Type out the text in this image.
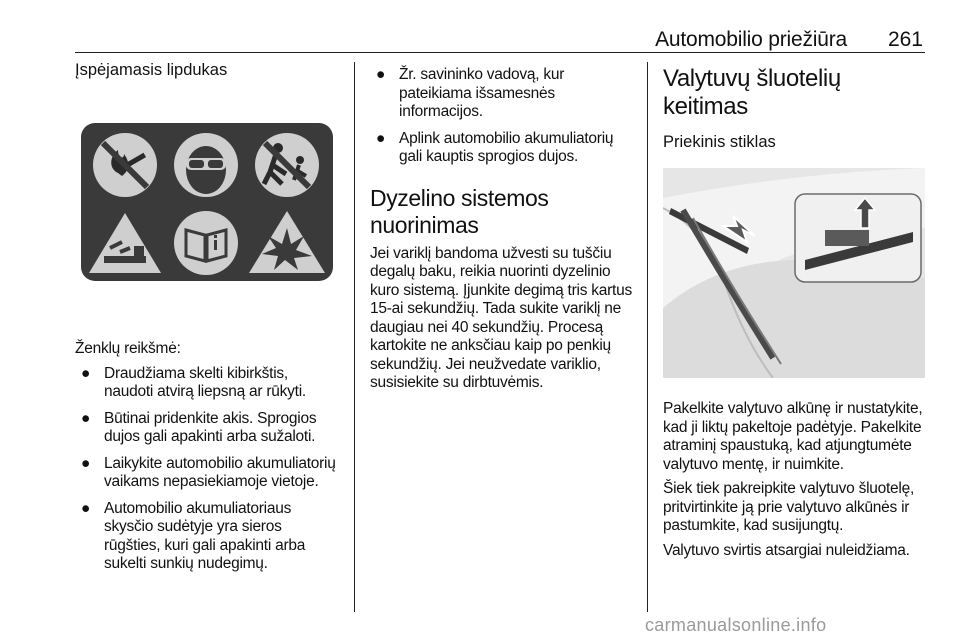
Automobilio priežiūra 261
Įspėjamasis lipdukas
Ženklų reikšmė:
● Draudžiama skelti kibirkštis, naudoti atvirą liepsną ar rūkyti.
● Būtinai pridenkite akis. Sprogios dujos gali apakinti arba sužaloti.
● Laikykite automobilio akumuliatorių vaikams nepasiekiamoje vietoje.
● Automobilio akumuliatoriaus skysčio sudėtyje yra sieros rūgšties, kuri gali apakinti arba sukelti sunkių nudegimų.
● Žr. savininko vadovą, kur pateikiama išsamesnės informacijos.
● Aplink automobilio akumuliatorių gali kauptis sprogios dujos.
Dyzelino sistemos nuorinimas
Jei variklį bandoma užvesti su tuščiu degalų baku, reikia nuorinti dyzelinio kuro sistemą. Įjunkite degimą tris kartus 15-ai sekundžių. Tada sukite variklį ne daugiau nei 40 sekundžių. Procesą kartokite ne anksčiau kaip po penkių sekundžių. Jei neužvedate variklio, susisiekite su dirbtuvėmis.
Valytuvų šluotelių keitimas
Priekinis stiklas
Pakelkite valytuvo alkūnę ir nustatykite, kad ji liktų pakeltoje padėtyje. Pakelkite atraminį spaustuką, kad atjungtumėte valytuvo mentę, ir nuimkite.
Šiek tiek pakreipkite valytuvo šluotelę, pritvirtinkite ją prie valytuvo alkūnės ir pastumkite, kad susijungtų.
Valytuvo svirtis atsargiai nuleidžiama.
carmanualsonline.info
